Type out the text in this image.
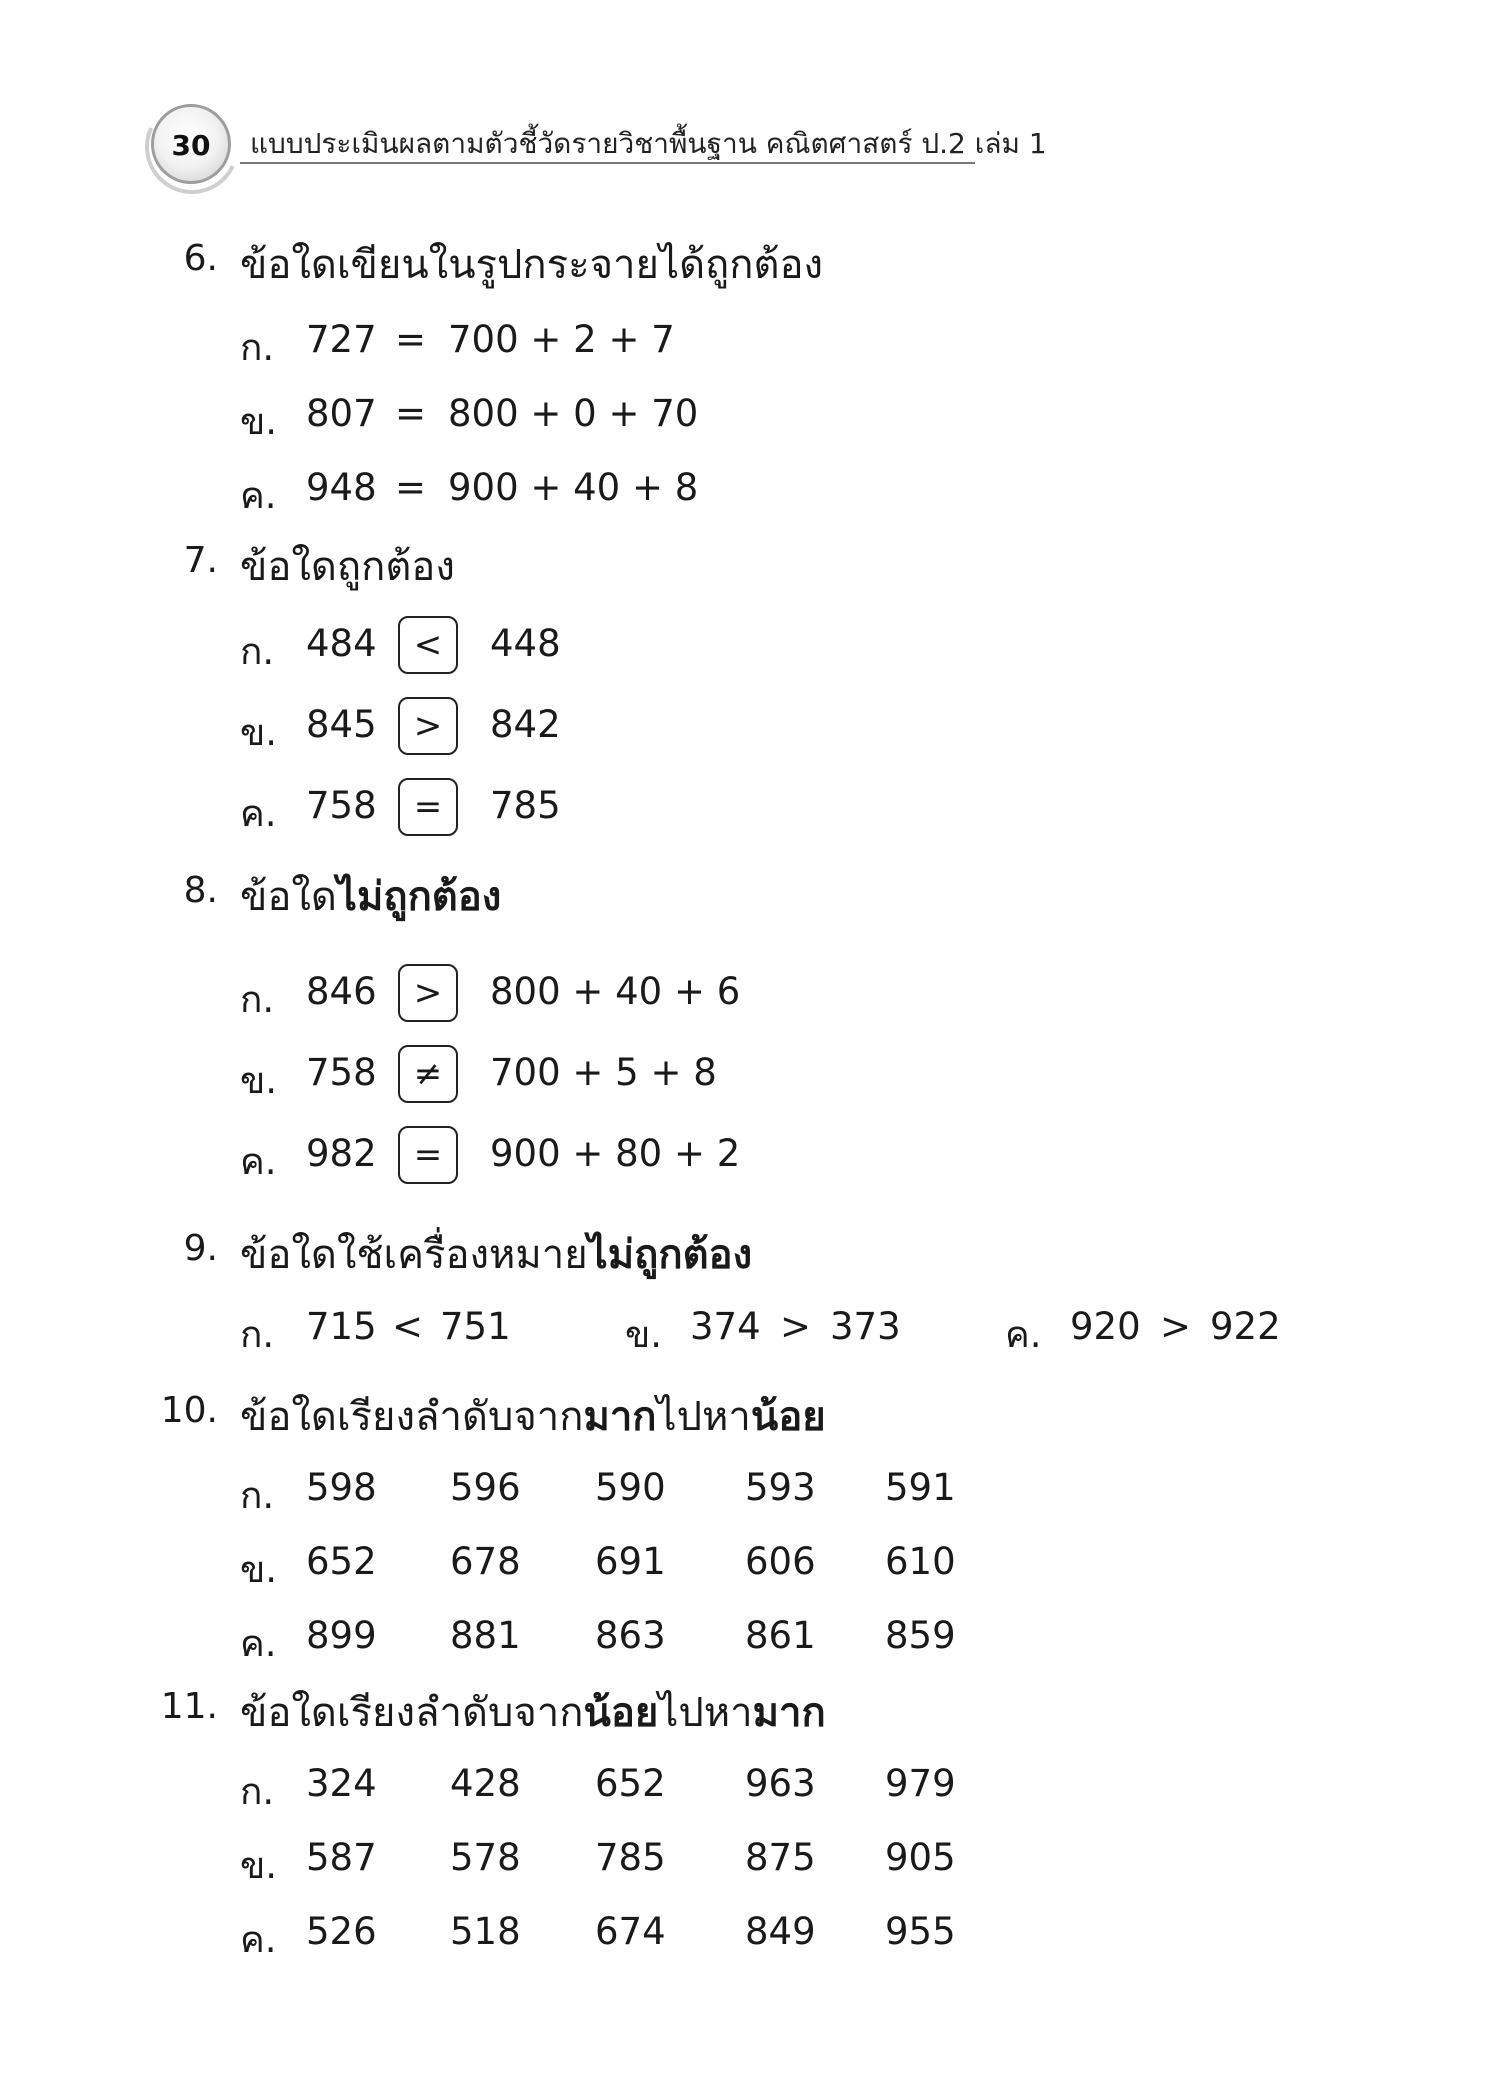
30	แบบประเมินผลตามตัวชี้วัดรายวิชาพื้นฐาน คณิตศาสตร์ ป.2 เล่ม 1
6. ข้อใดเขียนในรูปกระจายได้ถูกต้อง
ก. 727 = 700 + 2 + 7
ข. 807 = 800 + 0 + 70
ค. 948 = 900 + 40 + 8
7. ข้อใดถูกต้อง
ก. 484	<	448
ข. 845	>	842
ค. 758	=	785
8. ข้อใดไม่ถูกต้อง
ก. 846	>	800 + 40 + 6
ข. 758	≠	700 + 5 + 8
ค. 982	=	900 + 80 + 2
9. ข้อใดใช้เครื่องหมายไม่ถูกต้อง
ก. 715 < 751	ข. 374 > 373	ค. 920 > 922
10. ข้อใดเรียงลำดับจากมากไปหาน้อย
ก. 598 596 590 593 591
ข. 652 678 691 606 610
ค. 899 881 863 861 859
11. ข้อใดเรียงลำดับจากน้อยไปหามาก
ก. 324 428 652 963 979
ข. 587 578 785 875 905
ค. 526 518 674 849 955
